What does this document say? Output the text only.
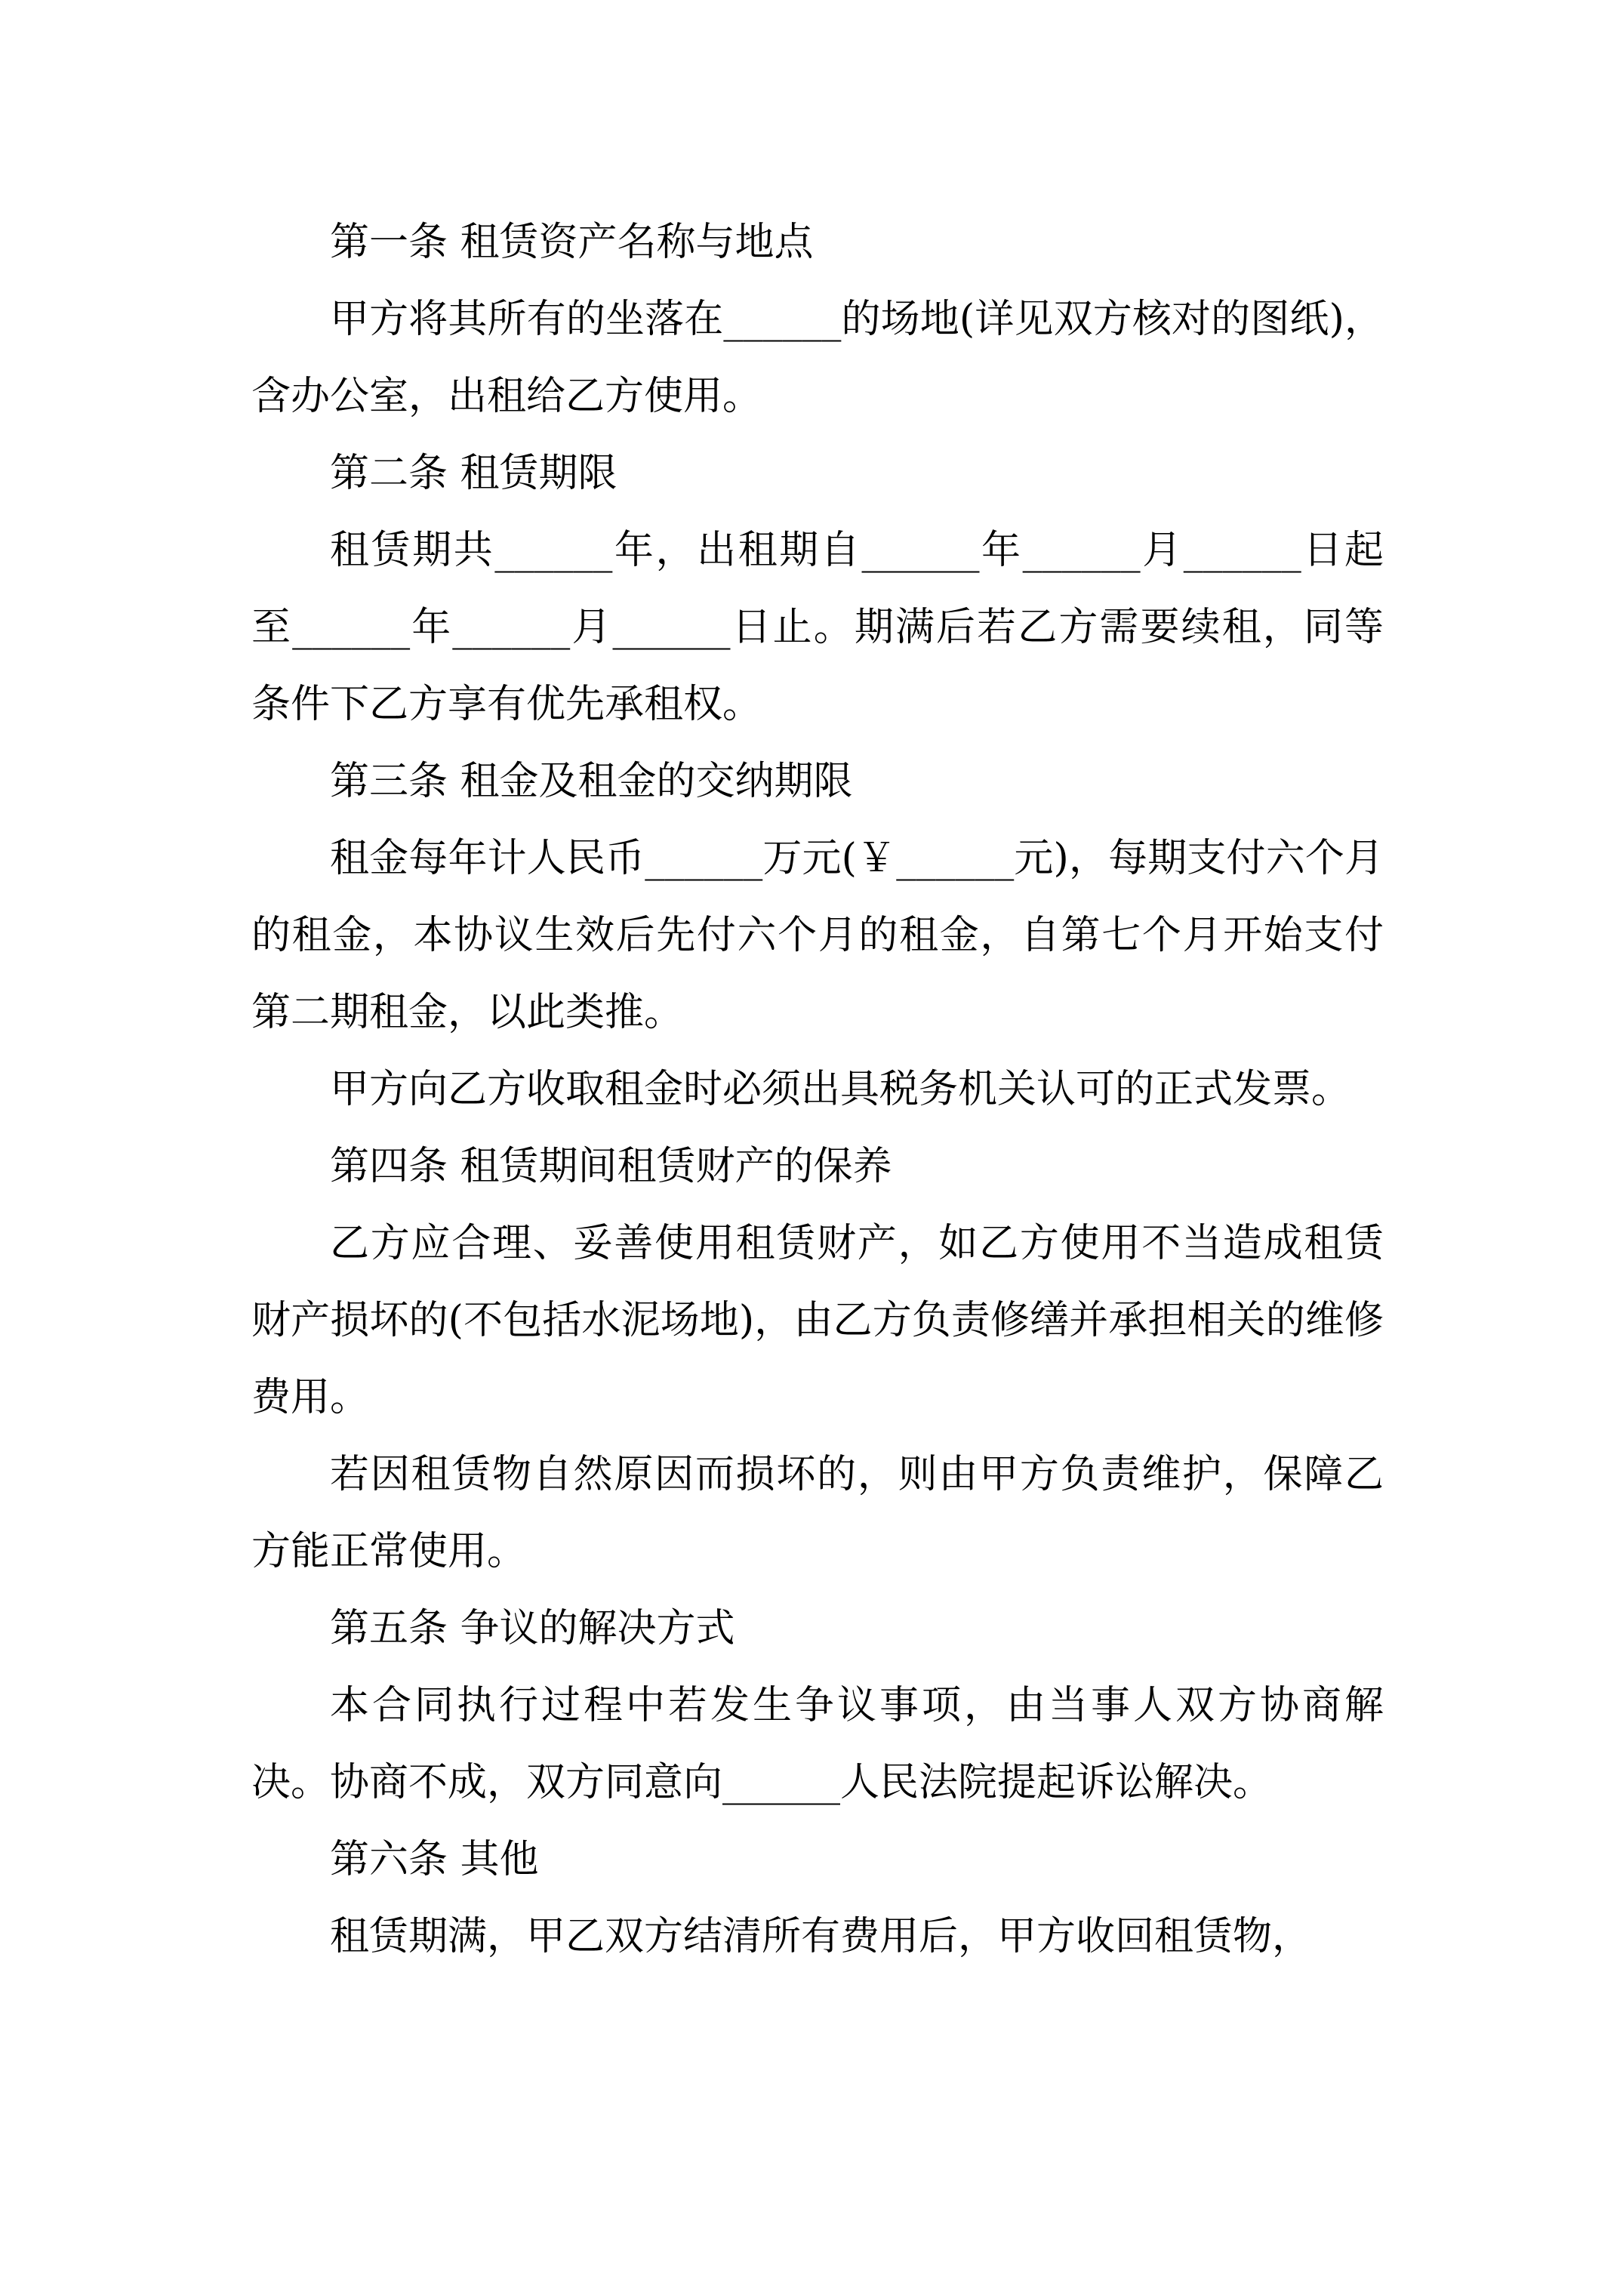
第一条 租赁资产名称与地点

甲方将其所有的坐落在______的场地(详见双方核对的图纸)，含办公室，出租给乙方使用。

第二条 租赁期限

租赁期共______年，出租期自______年______月______日起至______年______月______日止。期满后若乙方需要续租，同等条件下乙方享有优先承租权。

第三条 租金及租金的交纳期限

租金每年计人民币______万元(￥______元)，每期支付六个月的租金，本协议生效后先付六个月的租金，自第七个月开始支付第二期租金，以此类推。

甲方向乙方收取租金时必须出具税务机关认可的正式发票。

第四条 租赁期间租赁财产的保养

乙方应合理、妥善使用租赁财产，如乙方使用不当造成租赁财产损坏的(不包括水泥场地)，由乙方负责修缮并承担相关的维修费用。

若因租赁物自然原因而损坏的，则由甲方负责维护，保障乙方能正常使用。

第五条 争议的解决方式

本合同执行过程中若发生争议事项，由当事人双方协商解决。协商不成，双方同意向______人民法院提起诉讼解决。

第六条 其他

租赁期满，甲乙双方结清所有费用后，甲方收回租赁物，
